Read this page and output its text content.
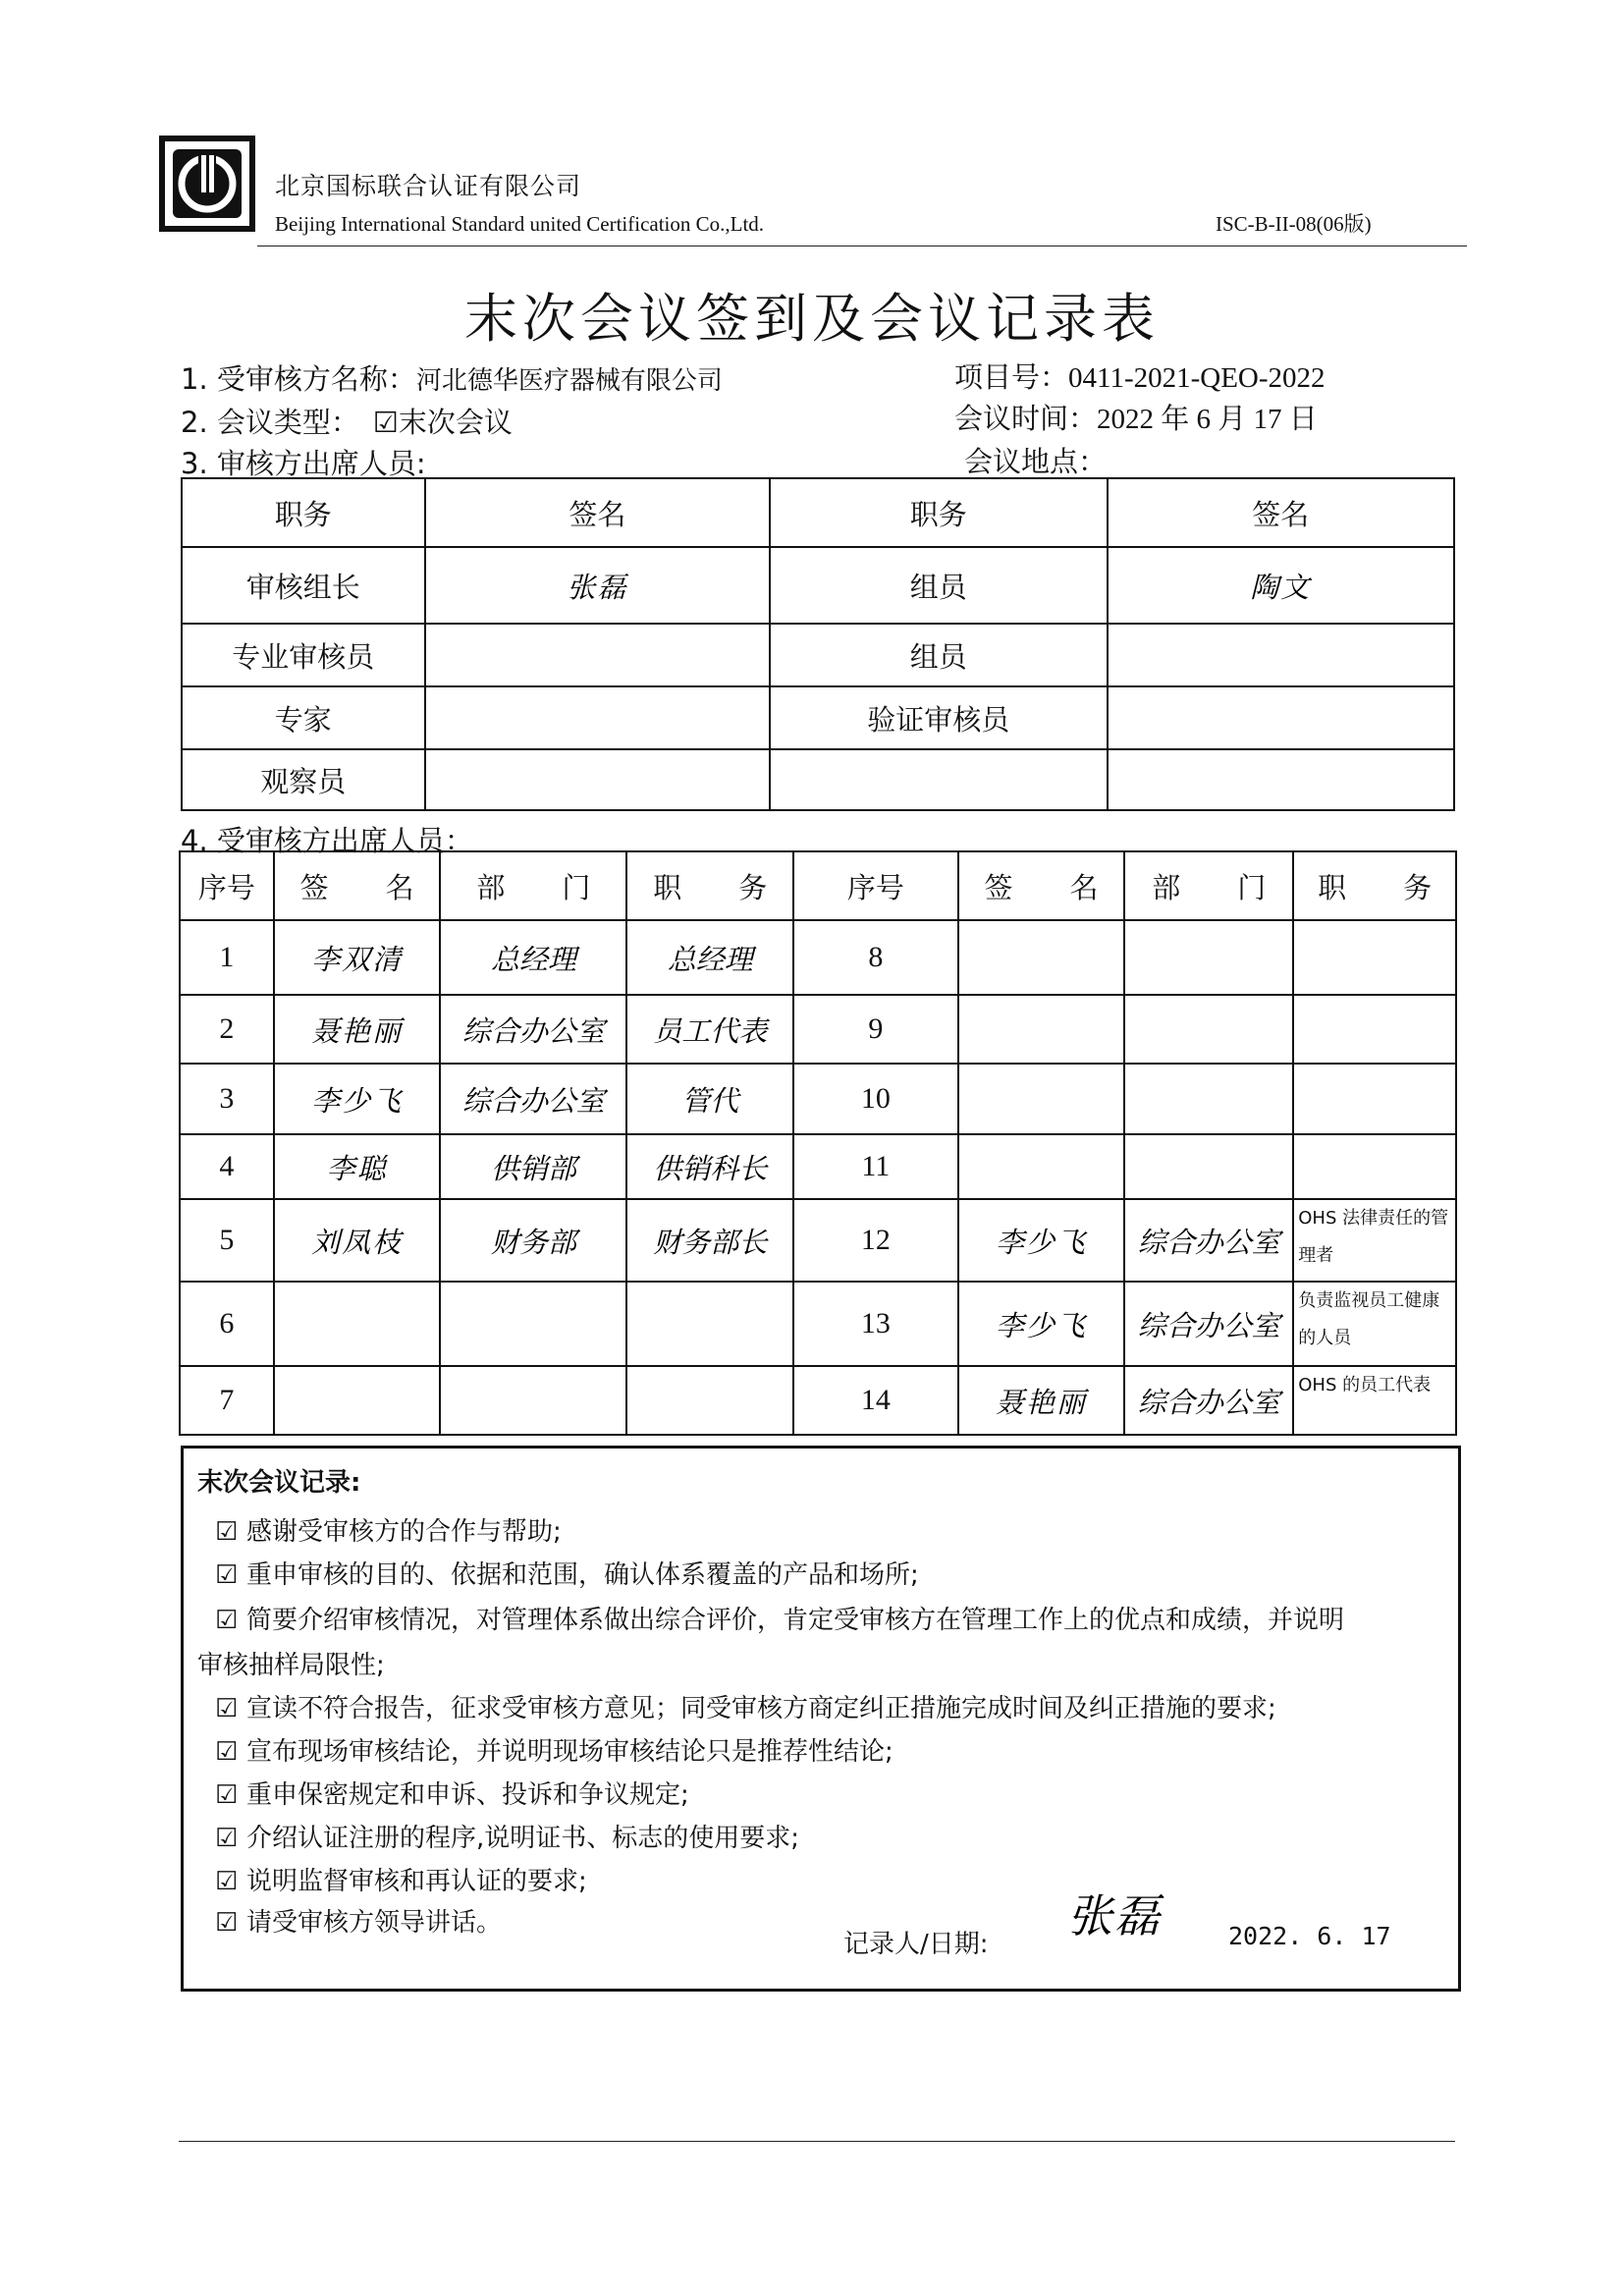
北京国标联合认证有限公司
Beijing International Standard united Certification Co.,Ltd.	ISC-B-II-08(06版)
末次会议签到及会议记录表
1. 受审核方名称：河北德华医疗器械有限公司	项目号：0411-2021-QEO-2022
2. 会议类型： ☑末次会议	会议时间：2022 年 6 月 17 日
3. 审核方出席人员:	会议地点：
职务	签名	职务	签名
审核组长	张磊	组员	陶文
专业审核员		组员	
专家		验证审核员	
观察员			
4. 受审核方出席人员：
序号	签　　名	部　　门	职　　务	序号	签　　名	部　　门	职　　务
1	李双清	总经理	总经理	8			
2	聂艳丽	综合办公室	员工代表	9			
3	李少飞	综合办公室	管代	10			
4	李聪	供销部	供销科长	11			
5	刘凤枝	财务部	财务部长	12	李少飞	综合办公室	OHS 法律责任的管理者
6				13	李少飞	综合办公室	负责监视员工健康的人员
7				14	聂艳丽	综合办公室	OHS 的员工代表
末次会议记录:
☑ 感谢受审核方的合作与帮助;
☑ 重申审核的目的、依据和范围，确认体系覆盖的产品和场所;
☑ 简要介绍审核情况，对管理体系做出综合评价，肯定受审核方在管理工作上的优点和成绩，并说明
审核抽样局限性;
☑ 宣读不符合报告，征求受审核方意见；同受审核方商定纠正措施完成时间及纠正措施的要求;
☑ 宣布现场审核结论，并说明现场审核结论只是推荐性结论;
☑ 重申保密规定和申诉、投诉和争议规定;
☑ 介绍认证注册的程序,说明证书、标志的使用要求;
☑ 说明监督审核和再认证的要求;
☑ 请受审核方领导讲话。
记录人/日期:
张磊	2022. 6. 17
